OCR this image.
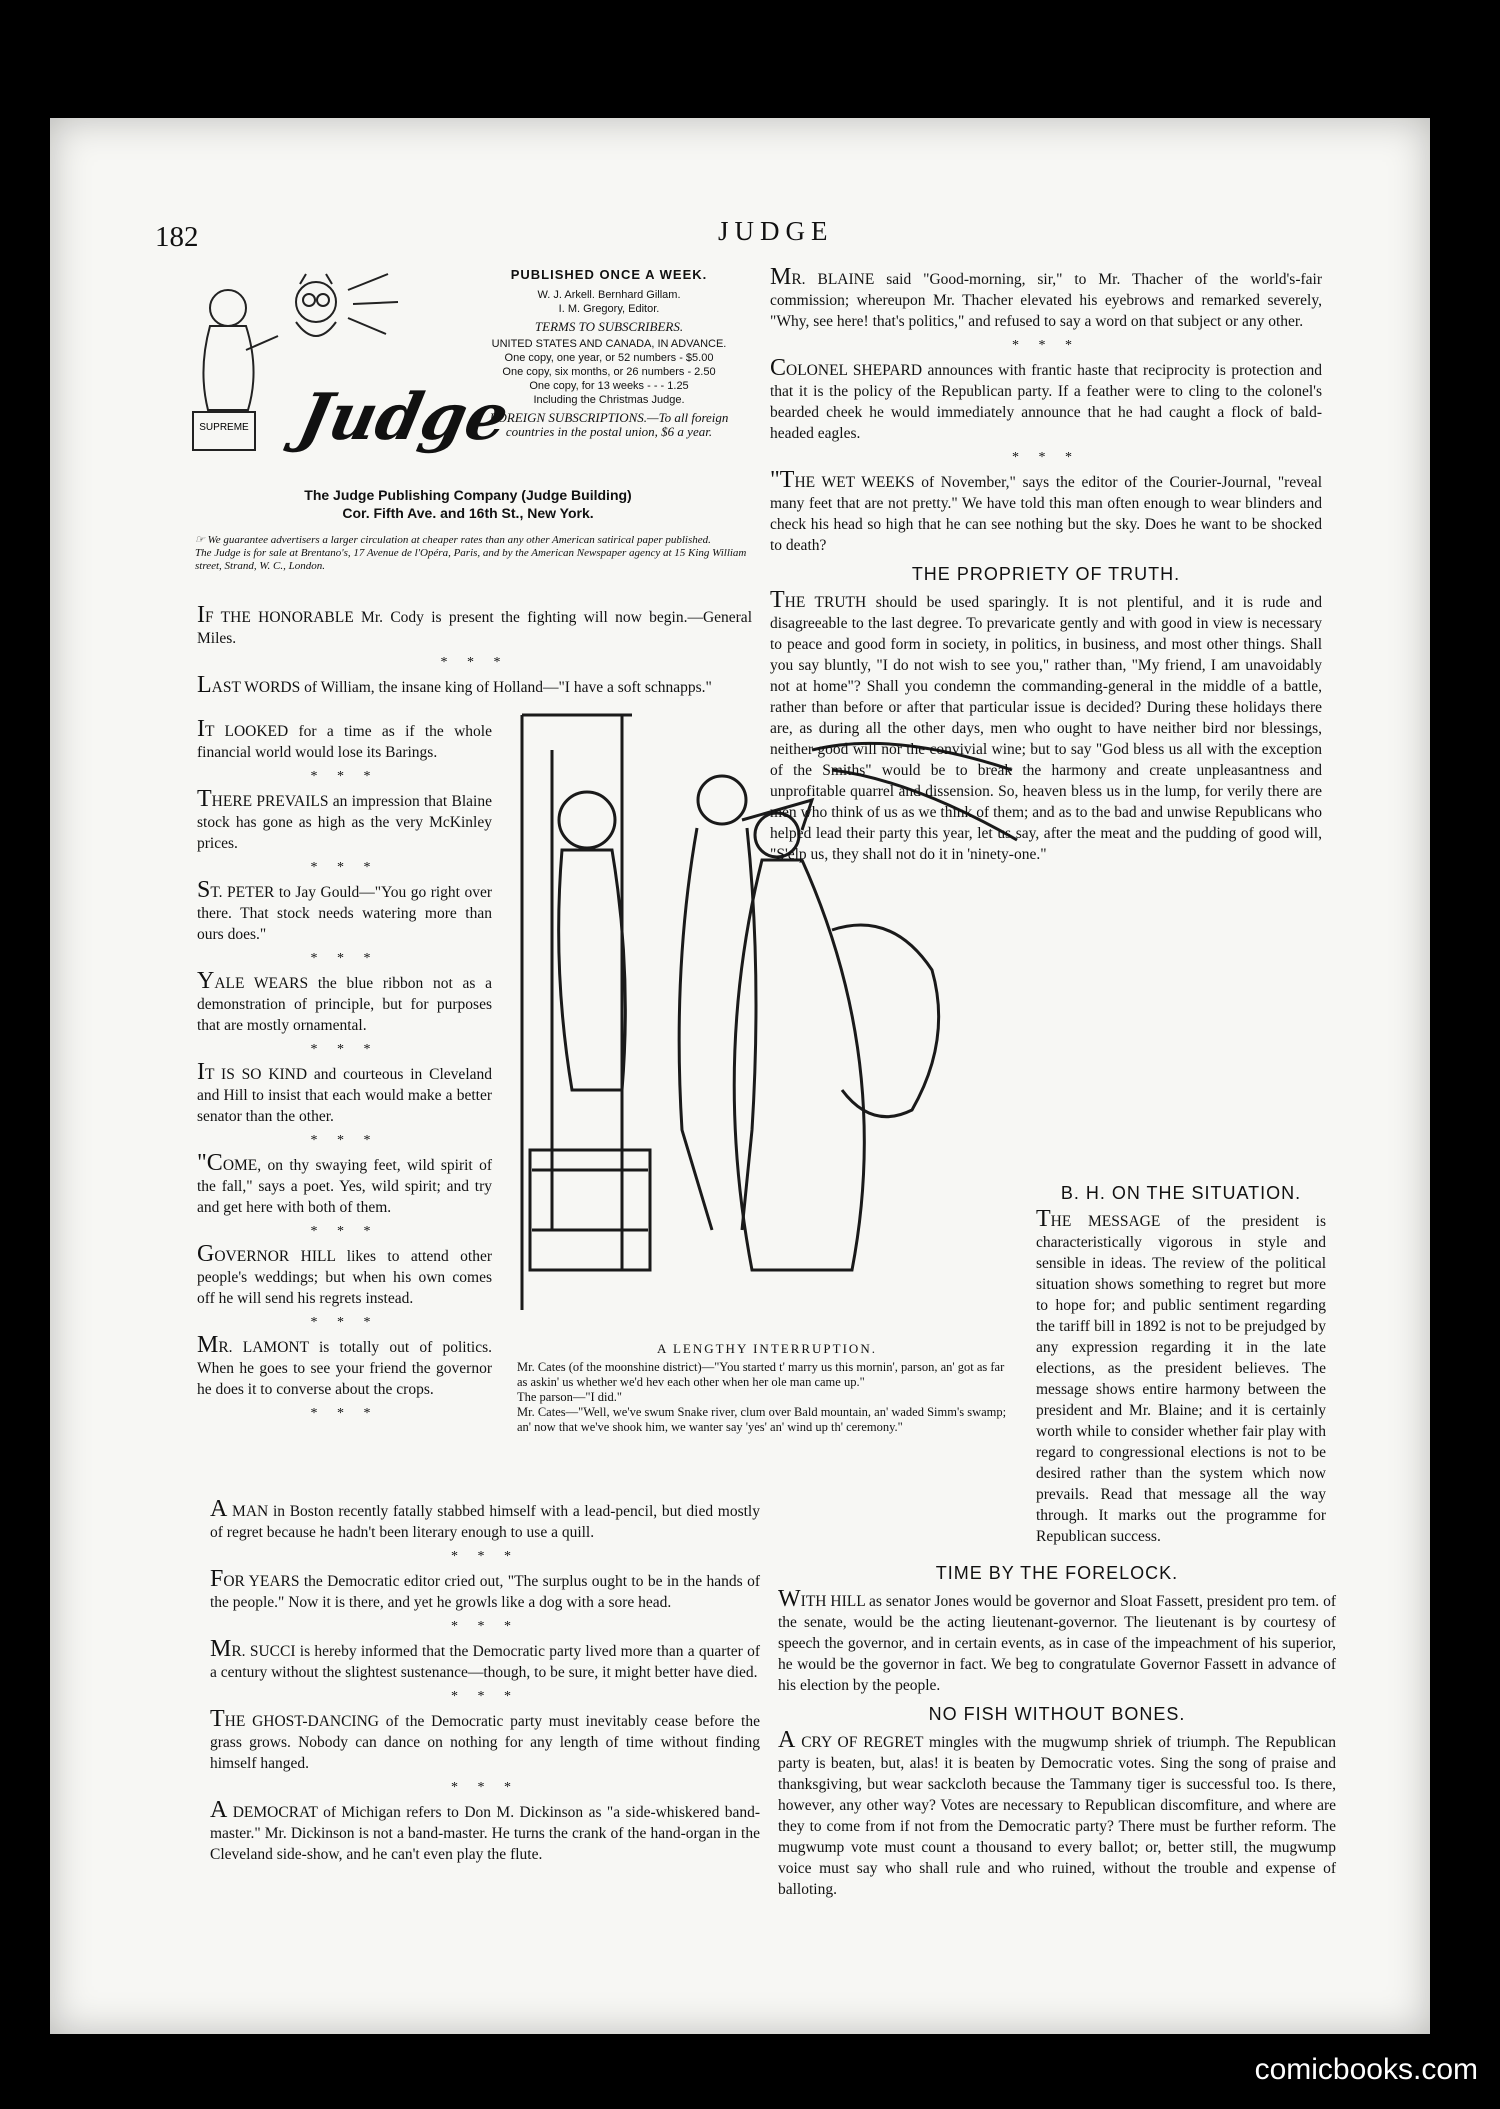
182	JUDGE
SUPREME Judge
PUBLISHED ONCE A WEEK.
W. J. Arkell. Bernhard Gillam.
I. M. Gregory, Editor.
TERMS TO SUBSCRIBERS.
UNITED STATES AND CANADA, IN ADVANCE.
One copy, one year, or 52 numbers - $5.00
One copy, six months, or 26 numbers - 2.50
One copy, for 13 weeks - - - 1.25
Including the Christmas Judge.
FOREIGN SUBSCRIPTIONS.—To all foreign countries in the postal union, $6 a year.
The Judge Publishing Company (Judge Building)
Cor. Fifth Ave. and 16th St., New York.
☞ We guarantee advertisers a larger circulation at cheaper rates than any other American satirical paper published.
The Judge is for sale at Brentano's, 17 Avenue de l'Opéra, Paris, and by the American Newspaper agency at 15 King William street, Strand, W. C., London.

IF THE HONORABLE Mr. Cody is present the fighting will now begin.—General Miles.

* * *

LAST WORDS of William, the insane king of Holland—"I have a soft schnapps."

IT LOOKED for a time as if the whole financial world would lose its Barings.

* * *

THERE PREVAILS an impression that Blaine stock has gone as high as the very McKinley prices.

* * *

ST. PETER to Jay Gould—"You go right over there. That stock needs watering more than ours does."

* * *

YALE WEARS the blue ribbon not as a demonstration of principle, but for purposes that are mostly ornamental.

* * *

IT IS SO KIND and courteous in Cleveland and Hill to insist that each would make a better senator than the other.

* * *

"COME, on thy swaying feet, wild spirit of the fall," says a poet. Yes, wild spirit; and try and get here with both of them.

* * *

GOVERNOR HILL likes to attend other people's weddings; but when his own comes off he will send his regrets instead.

* * *

MR. LAMONT is totally out of politics. When he goes to see your friend the governor he does it to converse about the crops.

* * *
A LENGTHY INTERRUPTION.
Mr. Cates (of the moonshine district)—"You started t' marry us this mornin', parson, an' got as far as askin' us whether we'd hev each other when her ole man came up."
The parson—"I did."
Mr. Cates—"Well, we've swum Snake river, clum over Bald mountain, an' waded Simm's swamp; an' now that we've shook him, we wanter say 'yes' an' wind up th' ceremony."

A MAN in Boston recently fatally stabbed himself with a lead-pencil, but died mostly of regret because he hadn't been literary enough to use a quill.

* * *

FOR YEARS the Democratic editor cried out, "The surplus ought to be in the hands of the people." Now it is there, and yet he growls like a dog with a sore head.

* * *

MR. SUCCI is hereby informed that the Democratic party lived more than a quarter of a century without the slightest sustenance—though, to be sure, it might better have died.

* * *

THE GHOST-DANCING of the Democratic party must inevitably cease before the grass grows. Nobody can dance on nothing for any length of time without finding himself hanged.

* * *

A DEMOCRAT of Michigan refers to Don M. Dickinson as "a side-whiskered band-master." Mr. Dickinson is not a band-master. He turns the crank of the hand-organ in the Cleveland side-show, and he can't even play the flute.

MR. BLAINE said "Good-morning, sir," to Mr. Thacher of the world's-fair commission; whereupon Mr. Thacher elevated his eyebrows and remarked severely, "Why, see here! that's politics," and refused to say a word on that subject or any other.

* * *

COLONEL SHEPARD announces with frantic haste that reciprocity is protection and that it is the policy of the Republican party. If a feather were to cling to the colonel's bearded cheek he would immediately announce that he had caught a flock of bald-headed eagles.

* * *

"THE WET WEEKS of November," says the editor of the Courier-Journal, "reveal many feet that are not pretty." We have told this man often enough to wear blinders and check his head so high that he can see nothing but the sky. Does he want to be shocked to death?

THE PROPRIETY OF TRUTH.

THE TRUTH should be used sparingly. It is not plentiful, and it is rude and disagreeable to the last degree. To prevaricate gently and with good in view is necessary to peace and good form in society, in politics, in business, and most other things. Shall you say bluntly, "I do not wish to see you," rather than, "My friend, I am unavoidably not at home"? Shall you condemn the commanding-general in the middle of a battle, rather than before or after that particular issue is decided? During these holidays there are, as during all the other days, men who ought to have neither bird nor blessings, neither good will nor the convivial wine; but to say "God bless us all with the exception of the Smiths" would be to break the harmony and create unpleasantness and unprofitable quarrel and dissension. So, heaven bless us in the lump, for verily there are men who think of us as we think of them; and as to the bad and unwise Republicans who helped lead their party this year, let us say, after the meat and the pudding of good will, "S'elp us, they shall not do it in 'ninety-one."

B. H. ON THE SITUATION.

THE MESSAGE of the president is characteristically vigorous in style and sensible in ideas. The review of the political situation shows something to regret but more to hope for; and public sentiment regarding the tariff bill in 1892 is not to be prejudged by any expression regarding it in the late elections, as the president believes. The message shows entire harmony between the president and Mr. Blaine; and it is certainly worth while to consider whether fair play with regard to congressional elections is not to be desired rather than the system which now prevails. Read that message all the way through. It marks out the programme for Republican success.

TIME BY THE FORELOCK.

WITH HILL as senator Jones would be governor and Sloat Fassett, president pro tem. of the senate, would be the acting lieutenant-governor. The lieutenant is by courtesy of speech the governor, and in certain events, as in case of the impeachment of his superior, he would be the governor in fact. We beg to congratulate Governor Fassett in advance of his election by the people.

NO FISH WITHOUT BONES.

A CRY OF REGRET mingles with the mugwump shriek of triumph. The Republican party is beaten, but, alas! it is beaten by Democratic votes. Sing the song of praise and thanksgiving, but wear sackcloth because the Tammany tiger is successful too. Is there, however, any other way? Votes are necessary to Republican discomfiture, and where are they to come from if not from the Democratic party? There must be further reform. The mugwump vote must count a thousand to every ballot; or, better still, the mugwump voice must say who shall rule and who ruined, without the trouble and expense of balloting.

comicbooks.com
